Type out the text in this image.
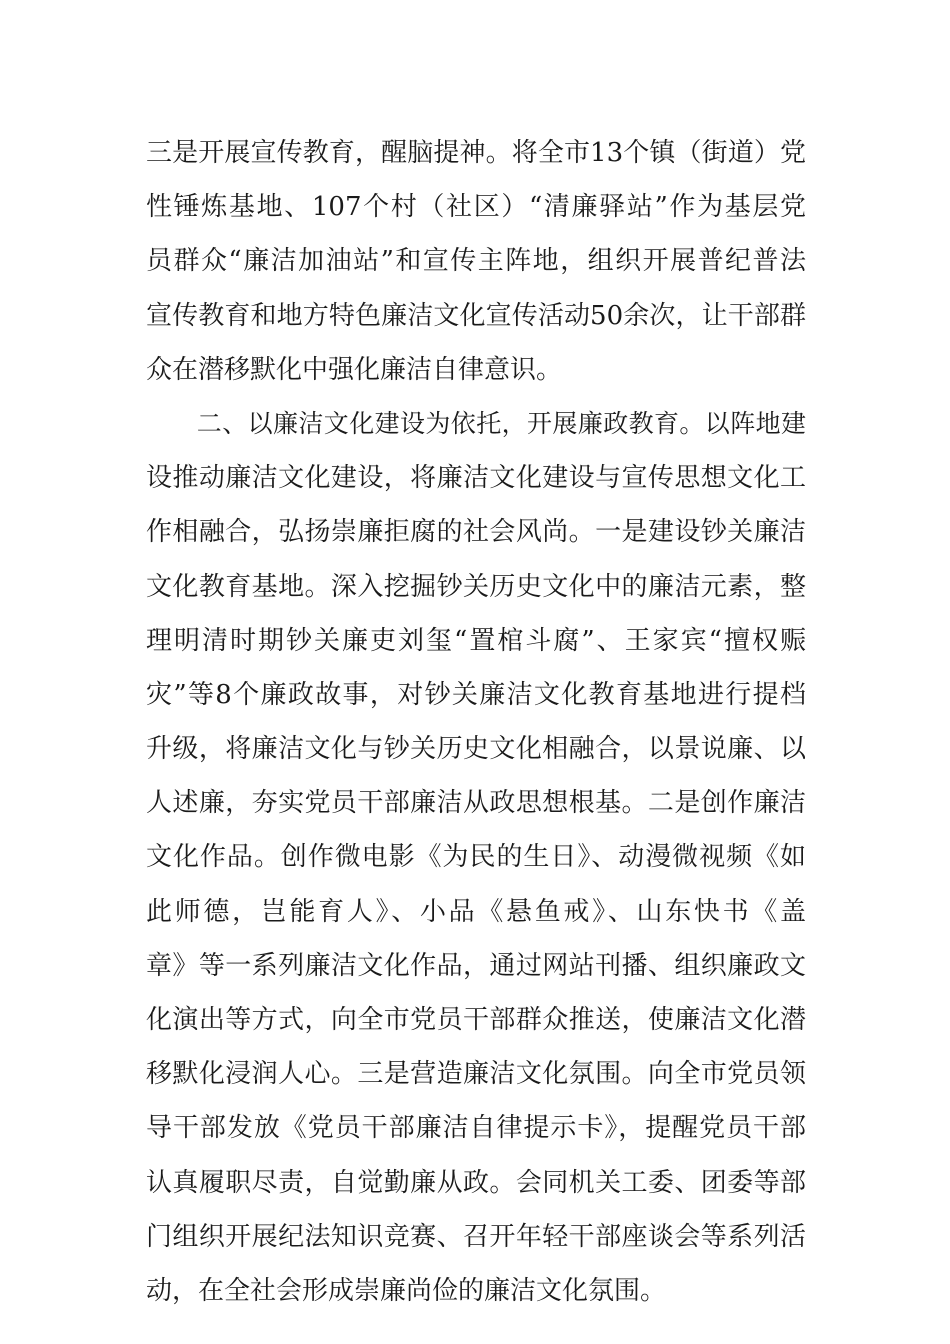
三是开展宣传教育，醒脑提神。将全市13个镇（街道）党
性锤炼基地、107个村（社区）“清廉驿站”作为基层党
员群众“廉洁加油站”和宣传主阵地，组织开展普纪普法
宣传教育和地方特色廉洁文化宣传活动50余次，让干部群
众在潜移默化中强化廉洁自律意识。
　　二、以廉洁文化建设为依托，开展廉政教育。以阵地建
设推动廉洁文化建设，将廉洁文化建设与宣传思想文化工
作相融合，弘扬崇廉拒腐的社会风尚。一是建设钞关廉洁
文化教育基地。深入挖掘钞关历史文化中的廉洁元素，整
理明清时期钞关廉吏刘玺“置棺斗腐”、王家宾“擅权赈
灾”等8个廉政故事，对钞关廉洁文化教育基地进行提档
升级，将廉洁文化与钞关历史文化相融合，以景说廉、以
人述廉，夯实党员干部廉洁从政思想根基。二是创作廉洁
文化作品。创作微电影《为民的生日》、动漫微视频《如
此师德，岂能育人》、小品《悬鱼戒》、山东快书《盖
章》等一系列廉洁文化作品，通过网站刊播、组织廉政文
化演出等方式，向全市党员干部群众推送，使廉洁文化潜
移默化浸润人心。三是营造廉洁文化氛围。向全市党员领
导干部发放《党员干部廉洁自律提示卡》，提醒党员干部
认真履职尽责，自觉勤廉从政。会同机关工委、团委等部
门组织开展纪法知识竞赛、召开年轻干部座谈会等系列活
动，在全社会形成崇廉尚俭的廉洁文化氛围。
